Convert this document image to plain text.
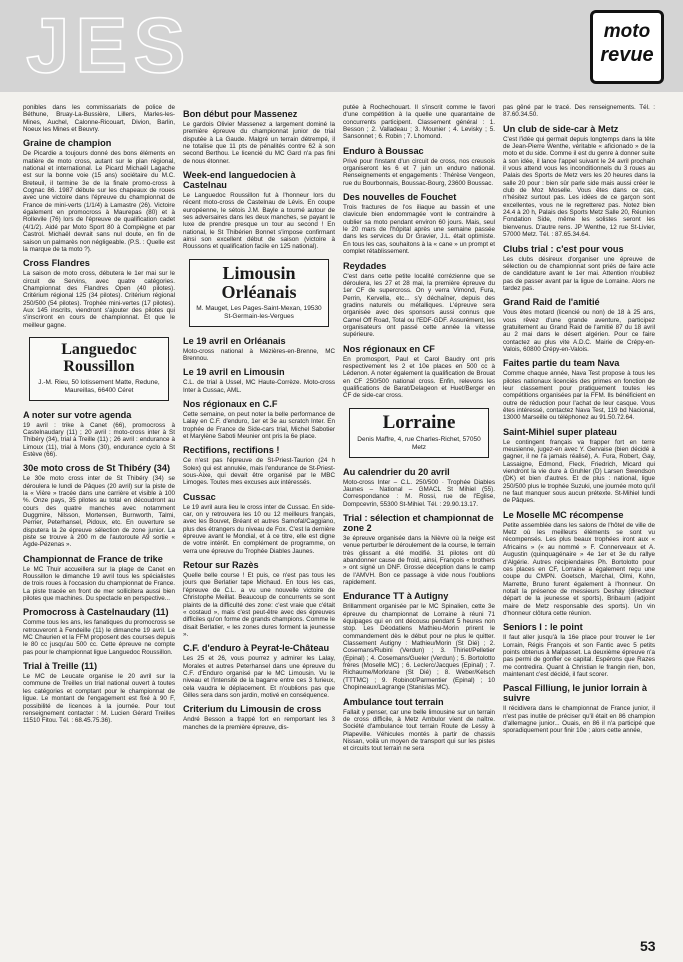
JES	moto
revue

ponibles dans les commissariats de police de Béthune, Bruay-La-Bussière, Lillers, Marles-les-Mines, Auchel, Calonne-Ricouart, Divion, Barlin, Noeux les Mines et Beuvry.

Graine de champion

De Picardie a toujours donné des bons éléments en matière de moto cross, autant sur le plan régional, national et international. Le Picard Michaël Lagache est sur la bonne voie (15 ans) sociétaire du M.C. Breteuil, il termine 3e de la finale promo-cross à Cognac 86. 1987 débute sur les chapeaux de roues avec une victoire dans l'épreuve du championnat de France de mini-verts (1/1/4) à Lamastre (26). Victoire également en promocross à Maurepas (80) et à Rollevile (76) lors de l'épreuve de qualification cadet (4/1/2). Aidé par Moto Sport 80 à Compiègne et par Castrol. Michaël devrait sans nul doute, en fin de saison un palmarès non négligeable. (P.S. : Quelle est la marque de ta moto ?).

Cross Flandres

La saison de moto cross, débutera le 1er mai sur le circuit de Servins, avec quatre catégories. Championnat des Flandres Open (40 pilotes). Critérium régional 125 (34 pilotes). Critérium régional 250/500 (54 pilotes). Trophée mini-vertes (17 pilotes). Aux 145 inscrits, viendront s'ajouter des pilotes qui s'inscriront en cours de championnat. Et que le meilleur gagne.

Languedoc Roussillon
J.-M. Rieu, 50 lotissement Matte, Redune, Maureillas, 66400 Céret
A noter sur votre agenda

19 avril : trike à Canet (66), promocross à Castelnaudary (11) ; 20 avril : moto-cross inter à St Thibéry (34), trial à Treille (11) ; 26 avril : endurance à Limoux (11), trial à Mons (30), endurance cyclo à St Estève (66).

30e moto cross de St Thibéry (34)

Le 30e moto cross inter de St Thibéry (34) se déroulera le lundi de Pâques (20 avril) sur la piste de la « Vière » tracée dans une carrière et visible à 100 %. Onze pays, 35 pilotes au total en découdront au cours des quatre manches avec notamment Duggmire, Nilsson, Mortensen, Burnworth, Talmi, Perrier, Peterhansel, Pidoux, etc. En ouverture se disputera la 2e épreuve sélection de zone junior. La piste se trouve à 200 m de l'autoroute A9 sortie « Agde-Pézenas ».

Championnat de France de trike

Le MC Thuir accueillera sur la plage de Canet en Roussillon le dimanche 19 avril tous les spécialistes de trois roues à l'occasion du championnat de France. La piste tracée en front de mer sollicitera aussi bien pilotes que machines. Du spectacle en perspective...

Promocross à Castelnaudary (11)

Comme tous les ans, les fanatiques du promocross se retrouveront à Fendeille (11) le dimanche 19 avril. Le MC Chaurien et la FFM proposent des courses depuis le 80 cc jusqu'au 500 cc. Cette épreuve ne compte pas pour le championnat ligue Languedoc Roussillon.

Trial à Treille (11)

Le MC de Leucate organise le 20 avril sur la commune de Treilles un trial national ouvert à toutes les catégories et comptant pour le championnat de ligue. Le montant de l'engagement est fixé à 90 F, possibilité de licences à la journée. Pour tout renseignement contacter : M. Lucien Gérard Treilles 11510 Fitou. Tél. : 68.45.75.36).

Bon début pour Massenez

Le gardois Olivier Massenez a largement dominé la première épreuve du championnat junior de trial disputée à La Gaude. Malgré un terrain détrempé, il ne totalise que 11 pts de pénalités contre 62 à son second Berthou. Le licencié du MC Gard n'a pas fini de nous étonner.

Week-end languedocien à Castelnau

Le Languedoc Roussillon fut à l'honneur lors du récent moto-cross de Castelnau de Lévis. En coupe européenne, le sétois J.M. Bayle a tourné autour de ses adversaires dans les deux manches, se payant le luxe de prendre presque un tour au second ! En national, le St Thibérien Bonnet s'impose confirmant ainsi son excellent début de saison (victoire à Roussons et qualification facile en 125 national).

Limousin Orléanais
M. Mauget, Les Pages-Saint-Mexan, 19530 St-Germain-les-Vergues
Le 19 avril en Orléanais

Moto-cross national à Mézières-en-Brenne, MC Brennou.

Le 19 avril en Limousin

C.L. de trial à Ussel, MC Haute-Corrèze. Moto-cross Inter à Cussac, AML.

Nos régionaux en C.F

Cette semaine, on peut noter la belle performance de Lalay en C.F. d'enduro, 1er et 3e au scratch Inter. En trophée de France de Side-cars trial, Michel Sabotier et Marylène Saboti Meunier ont pris la 6e place.

Rectifions, rectifions !

Ce n'est pas l'épreuve de St-Priest-Taurion (24 h Solex) qui est annulée, mais l'endurance de St-Priest-sous-Aixe, qui devait être organisé par le MBC Limoges. Toutes mes excuses aux intéressés.

Cussac

Le 19 avril aura lieu le cross inter de Cussac. En side-car, on y retrouvera les 10 ou 12 meilleurs français, avec les Bouvet, Bréant et autres Samofal/Caggiano, plus des étrangers du niveau de Fox. C'est la dernière épreuve avant le Mondial, et à ce titre, elle est digne de votre intérêt. En complément de programme, on verra une épreuve du Trophée Diables Jaunes.

Retour sur Razès

Quelle belle course ! Et puis, ce n'est pas tous les jours que Berlatier tape Michaud. En tous les cas, l'épreuve de C.L. a vu une nouvelle victoire de Christophe Meillat. Beaucoup de concurrents se sont plaints de la difficulté des zone: c'est vraie que c'était « costaud », mais c'est peut-être avec des épreuves difficiles qu'on forme de grands champions. Comme le disait Berlatier, « les zones dures forment la jeunesse ».

C.F. d'enduro à Peyrat-le-Château

Les 25 et 26, vous pourrez y admirer les Lalay, Morales et autres Peterhansel dans une épreuve du C.F. d'Enduro organisé par le MC Limousin. Vu le niveau et l'intensité de la bagarre entre ces 3 furieux, cela vaudra le déplacement. Et n'oublions pas que Gilles sera dans son jardin, motivé en conséquence.

Criterium du Limousin de cross

André Besson a frappé fort en remportant les 3 manches de la première épreuve, dis-

putée à Rochechouart. Il s'inscrit comme le favori d'une compétition à la quelle une quarantaine de concurrents participent. Classement général : 1. Besson ; 2. Valladeau ; 3. Mounier ; 4. Levisky ; 5. Sansonnet ; 6. Robin ; 7. Lhomond.

Enduro à Boussac

Privé pour l'instant d'un circuit de cross, nos creusois organiseront les 6 et 7 juin un enduro national. Renseignements et engagements : Thérèse Vengeon, rue du Bourbonnais, Boussac-Bourg, 23600 Boussac.

Des nouvelles de Fouchet

Trois fractures de l'os iliaque au bassin et une clavicule bien endommagée vont le contraindre à oublier sa moto pendant environ 60 jours. Mais, seul le 20 mars de l'hôpital après une semaine passée dans les services du Dr Gravier, J.L. était optimiste. En tous les cas, souhaitons à la « cane » un prompt et complet rétablissement.

Reydades

C'est dans cette petite localité corrézienne que se déroulera, les 27 et 28 mai, la première épreuve du 1er CF de supercross. On y verra Vimond, Fura, Perrin, Kervella, etc... s'y déchaîner, depuis des gradins naturels ou métalliques. L'épreuve sera organisée avec des sponsors aussi connus que Camel Off Road, Total ou l'EDF-GDF. Assurément, les organisateurs ont passé cette année la vitesse supérieure.

Nos régionaux en CF

En promosport, Paul et Carol Baudry ont pris respectivement les 2 et 10e places en 500 cc à Lédenon. A noter également la qualification de Brouat en CF 250/500 national cross. Enfin, relevons les qualifications de Barat/Delageon et Huet/Berger en CF de side-car cross.

Lorraine
Denis Maffre, 4, rue Charles-Richet, 57050 Metz
Au calendrier du 20 avril

Moto-cross Inter – C.L. 250/500 · Trophée Diables Jaunes – National – GMACL St Mihiel (55). Correspondance : M. Rossi, rue de l'Eglise, Dompcevrin, 55300 St-Mihiel. Tél. : 29.90.13.17.

Trial : sélection et championnat de zone 2

3e épreuve organisée dans la Nièvre où la neige est venue perturber le déroulement de la course, le terrain très glissant a été modifié. 31 pilotes ont dû abandonner cause de froid, ainsi, François « brothers » ont signé un DNF. Grosse déception dans le camp de l'AMVH. Bon ce passage à vide nous l'oublions rapidement.

Endurance TT à Autigny

Brillamment organisée par le MC Spinalien, cette 3e épreuve du championnat de Lorraine à réuni 71 équipages qui en ont décousu pendant 5 heures non stop. Les Déodatiens Mathieu-Morin prirent le commandement dès le début pour ne plus le quitter. Classement Autigny : Mathieu/Morin (St Dié) ; 2. Cosemans/Rubini (Verdun) ; 3. Thiriet/Pelletier (Epinal) ; 4. Cosemans/Gueler (Verdun) ; 5. Bortolotto frères (Moselle MC) ; 6. Leclerc/Jacques (Epinal) ; 7. Richaume/Morkrane (St Dié) ; 8. Weber/Kelsch (TTTMC) ; 9. Robinot/Parmentier (Epinal) ; 10 Chopineaux/Lagrange (Stanislas MC).

Ambulance tout terrain

Fallait y penser, car une belle limousine sur un terrain de cross difficile, à Metz Ambulor vient de naître. Société d'ambulance tout terrain Route de Lessy à Plapeville. Véhicules montés à partir de chassis Nissan, voilà un moyen de transport qui sur les pistes et circuits tout terrain ne sera

pas gêné par le tracé. Des renseignements. Tél. : 87.60.34.50.

Un club de side-car à Metz

C'est l'idée qui germait depuis longtemps dans la tête de Jean-Pierre Wenthe, véritable « aficionado » de la moto et du side. Comme il est du genre à donner suite à son idée, il lance l'appel suivant le 24 avril prochain il vous attend vous les inconditionnels du 3 roues au Palais des Sports de Metz vers les 20 heures dans la salle 20 pour : bien sûr parle side mais aussi créer le club de Moz Moselle. Vous êtes dans ce cas, n'hésitez surtout pas. Les idées de ce garçon sont excellentes, vous ne le regretterez pas. Notez bien 24.4 à 20 h, Palais des Sports Metz Salle 20, Réunion Fondation Side, même les solistes seront les bienvenus. D'autre rens. JP Wenthe, 12 rue St-Livier, 57000 Metz. Tél. : 87.65.34.64.

Clubs trial : c'est pour vous

Les clubs désireux d'organiser une épreuve de sélection ou de championnat sont priés de faire acte de candidature avant le 1er mai. Attention n'oubliez pas de passer avant par la ligue de Lorraine. Alors ne tardez pas.

Grand Raid de l'amitié

Vous êtes motard (licencié ou non) de 18 à 25 ans, vous rêvez d'une grande aventure, participez gratuitement au Grand Raid de l'amitié 87 du 18 avril au 2 mai dans le désert algérien. Pour ce faire contactez au plus vite A.D.C. Mairie de Crépy-en-Valois, 60800 Crépy-en-Valois.

Faites partie du team Nava

Comme chaque année, Nava Test propose à tous les pilotes nationaux licenciés des primes en fonction de leur classement pour pratiquement toutes les compétitions organisées par la FFM. Ils bénéficient en outre de réduction pour l'achat de leur casque. Vous êtes intéressé, contactez Nava Test, 119 bd Nacional, 13000 Marseille ou téléphonez au 91.50.72.64.

Saint-Mihiel super plateau

Le contingent français va frapper fort en terre meusienne, jugez-en avec Y. Gervaise (bien décidé à gagner, il ne l'a jamais réalisé), A. Fura, Robert, Gay, Lassaigne, Edmond, Fleck, Friedrich, Micard qui viendront la vie dure à Gruhler (D) Larsen Swendson (DK) et bien d'autres. Et de plus : national, ligue 250/500 plus le trophée Suzuki, une journée moto qu'il ne faut manquer sous aucun prétexte. St-Mihiel lundi de Pâques.

Le Moselle MC récompense

Petite assemblée dans les salons de l'hôtel de ville de Metz où les meilleurs éléments se sont vu récompensés. Les plus beaux trophées iront aux « Africains » (« au nommé » F. Connerveaux et A. Augustin (quinquagénaire » 4e 1er et 3e du rallye d'Algérie. Autres récipiendaires Ph. Bortolotto pour ces places en CF, Lorraine a également reçu une coupe du CMPN. Goetsch, Marchal, Olmi, Kohn, Marrette, Bruno furent également à l'honneur. On notait la présence de messieurs Deshay (directeur départ de la jeunesse et sports), Bribaum (adjoint maire de Metz responsable des sports). Un vin d'honneur clôtura cette réunion.

Seniors I : le point

Il faut aller jusqu'à la 16e place pour trouver le 1er Lorrain, Régis François et son Fantic avec 5 petits points obtenus à Malpasset. La deuxième épreuve n'a pas permi de gonfler ce capital. Espérons que Razes me contredira. Quant à Christian le frangin rien, bon, maintenant c'est décidé, il faut scorer.

Pascal Filliung, le junior lorrain à suivre

Il récidivera dans le championnat de France junior, il n'est pas inutile de préciser qu'il était en 86 champion d'allemagne junior... Ouais, en 86 il n'a participé que sporadiquement pour finir 10e ; alors cette année,

53
